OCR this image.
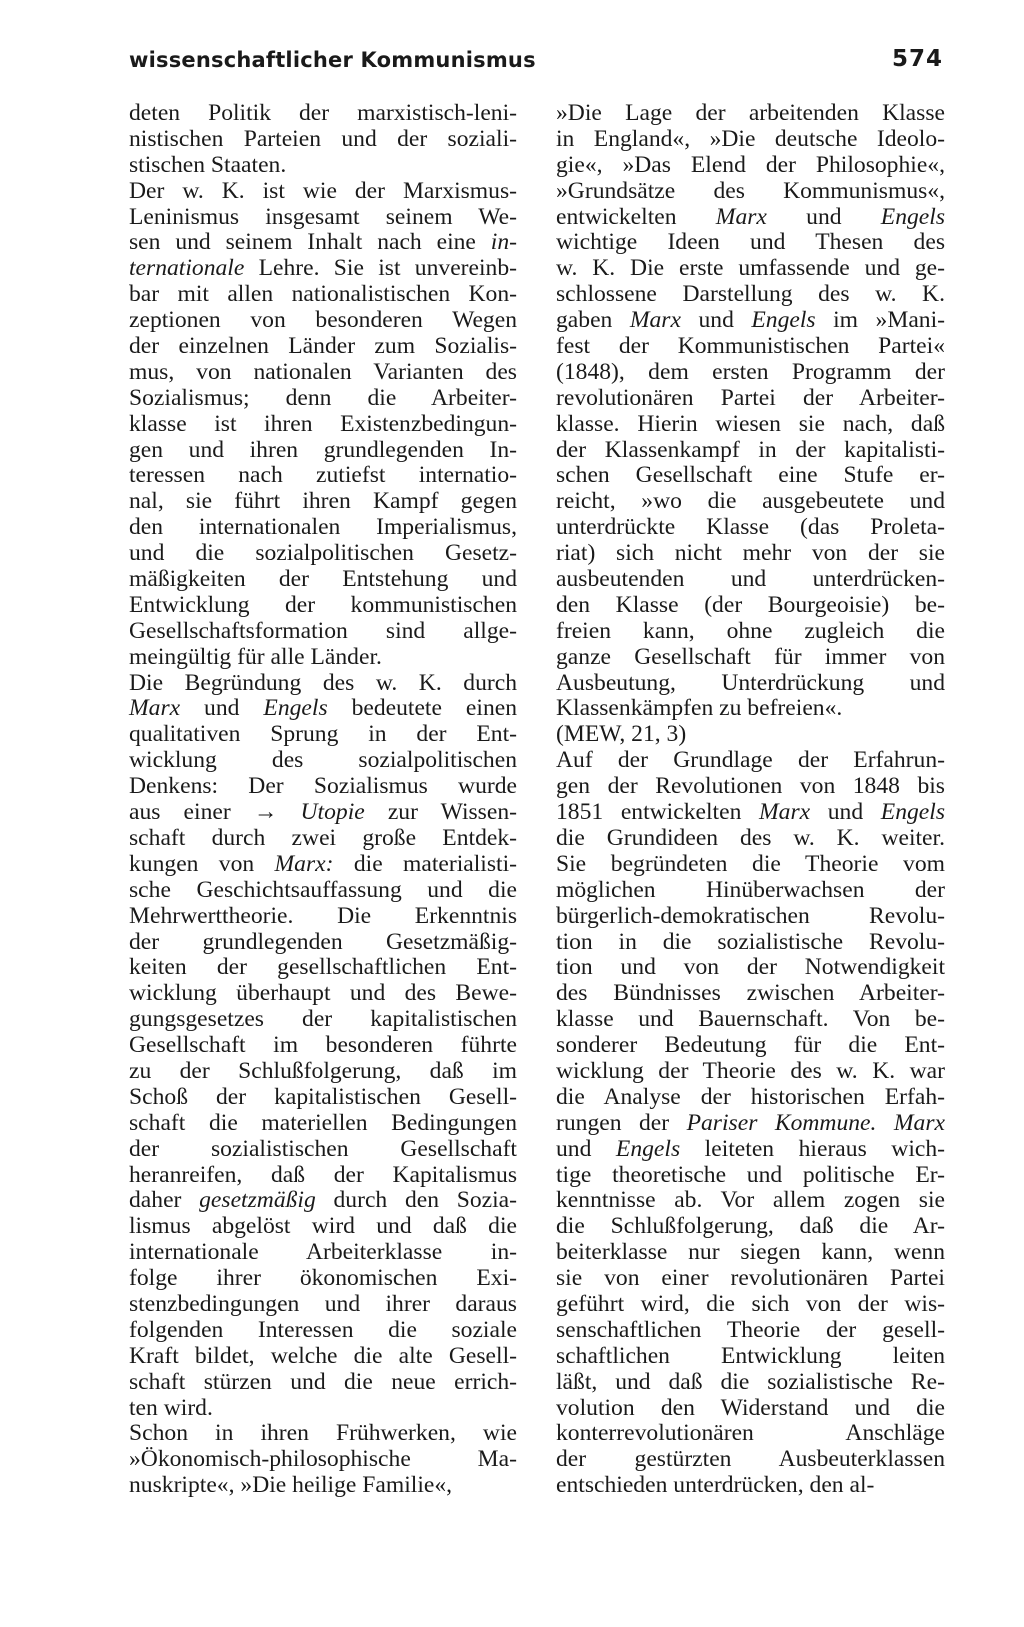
wissenschaftlicher Kommunismus	574
deten Politik der marxistisch-leni-
nistischen Parteien und der soziali-
stischen Staaten.
Der w. K. ist wie der Marxismus-
Leninismus insgesamt seinem We-
sen und seinem Inhalt nach eine in-
ternationale Lehre. Sie ist unvereinb-
bar mit allen nationalistischen Kon-
zeptionen von besonderen Wegen
der einzelnen Länder zum Sozialis-
mus, von nationalen Varianten des
Sozialismus; denn die Arbeiter-
klasse ist ihren Existenzbedingun-
gen und ihren grundlegenden In-
teressen nach zutiefst internatio-
nal, sie führt ihren Kampf gegen
den internationalen Imperialismus,
und die sozialpolitischen Gesetz-
mäßigkeiten der Entstehung und
Entwicklung der kommunistischen
Gesellschaftsformation sind allge-
meingültig für alle Länder.
Die Begründung des w. K. durch
Marx und Engels bedeutete einen
qualitativen Sprung in der Ent-
wicklung des sozialpolitischen
Denkens: Der Sozialismus wurde
aus einer → Utopie zur Wissen-
schaft durch zwei große Entdek-
kungen von Marx: die materialisti-
sche Geschichtsauffassung und die
Mehrwerttheorie. Die Erkenntnis
der grundlegenden Gesetzmäßig-
keiten der gesellschaftlichen Ent-
wicklung überhaupt und des Bewe-
gungsgesetzes der kapitalistischen
Gesellschaft im besonderen führte
zu der Schlußfolgerung, daß im
Schoß der kapitalistischen Gesell-
schaft die materiellen Bedingungen
der sozialistischen Gesellschaft
heranreifen, daß der Kapitalismus
daher gesetzmäßig durch den Sozia-
lismus abgelöst wird und daß die
internationale Arbeiterklasse in-
folge ihrer ökonomischen Exi-
stenzbedingungen und ihrer daraus
folgenden Interessen die soziale
Kraft bildet, welche die alte Gesell-
schaft stürzen und die neue errich-
ten wird.
Schon in ihren Frühwerken, wie
»Ökonomisch-philosophische Ma-
nuskripte«, »Die heilige Familie«,
»Die Lage der arbeitenden Klasse
in England«, »Die deutsche Ideolo-
gie«, »Das Elend der Philosophie«,
»Grundsätze des Kommunismus«,
entwickelten Marx und Engels
wichtige Ideen und Thesen des
w. K. Die erste umfassende und ge-
schlossene Darstellung des w. K.
gaben Marx und Engels im »Mani-
fest der Kommunistischen Partei«
(1848), dem ersten Programm der
revolutionären Partei der Arbeiter-
klasse. Hierin wiesen sie nach, daß
der Klassenkampf in der kapitalisti-
schen Gesellschaft eine Stufe er-
reicht, »wo die ausgebeutete und
unterdrückte Klasse (das Proleta-
riat) sich nicht mehr von der sie
ausbeutenden und unterdrücken-
den Klasse (der Bourgeoisie) be-
freien kann, ohne zugleich die
ganze Gesellschaft für immer von
Ausbeutung, Unterdrückung und
Klassenkämpfen zu befreien«.
(MEW, 21, 3)
Auf der Grundlage der Erfahrun-
gen der Revolutionen von 1848 bis
1851 entwickelten Marx und Engels
die Grundideen des w. K. weiter.
Sie begründeten die Theorie vom
möglichen Hinüberwachsen der
bürgerlich-demokratischen Revolu-
tion in die sozialistische Revolu-
tion und von der Notwendigkeit
des Bündnisses zwischen Arbeiter-
klasse und Bauernschaft. Von be-
sonderer Bedeutung für die Ent-
wicklung der Theorie des w. K. war
die Analyse der historischen Erfah-
rungen der Pariser Kommune. Marx
und Engels leiteten hieraus wich-
tige theoretische und politische Er-
kenntnisse ab. Vor allem zogen sie
die Schlußfolgerung, daß die Ar-
beiterklasse nur siegen kann, wenn
sie von einer revolutionären Partei
geführt wird, die sich von der wis-
senschaftlichen Theorie der gesell-
schaftlichen Entwicklung leiten
läßt, und daß die sozialistische Re-
volution den Widerstand und die
konterrevolutionären Anschläge
der gestürzten Ausbeuterklassen
entschieden unterdrücken, den al-
